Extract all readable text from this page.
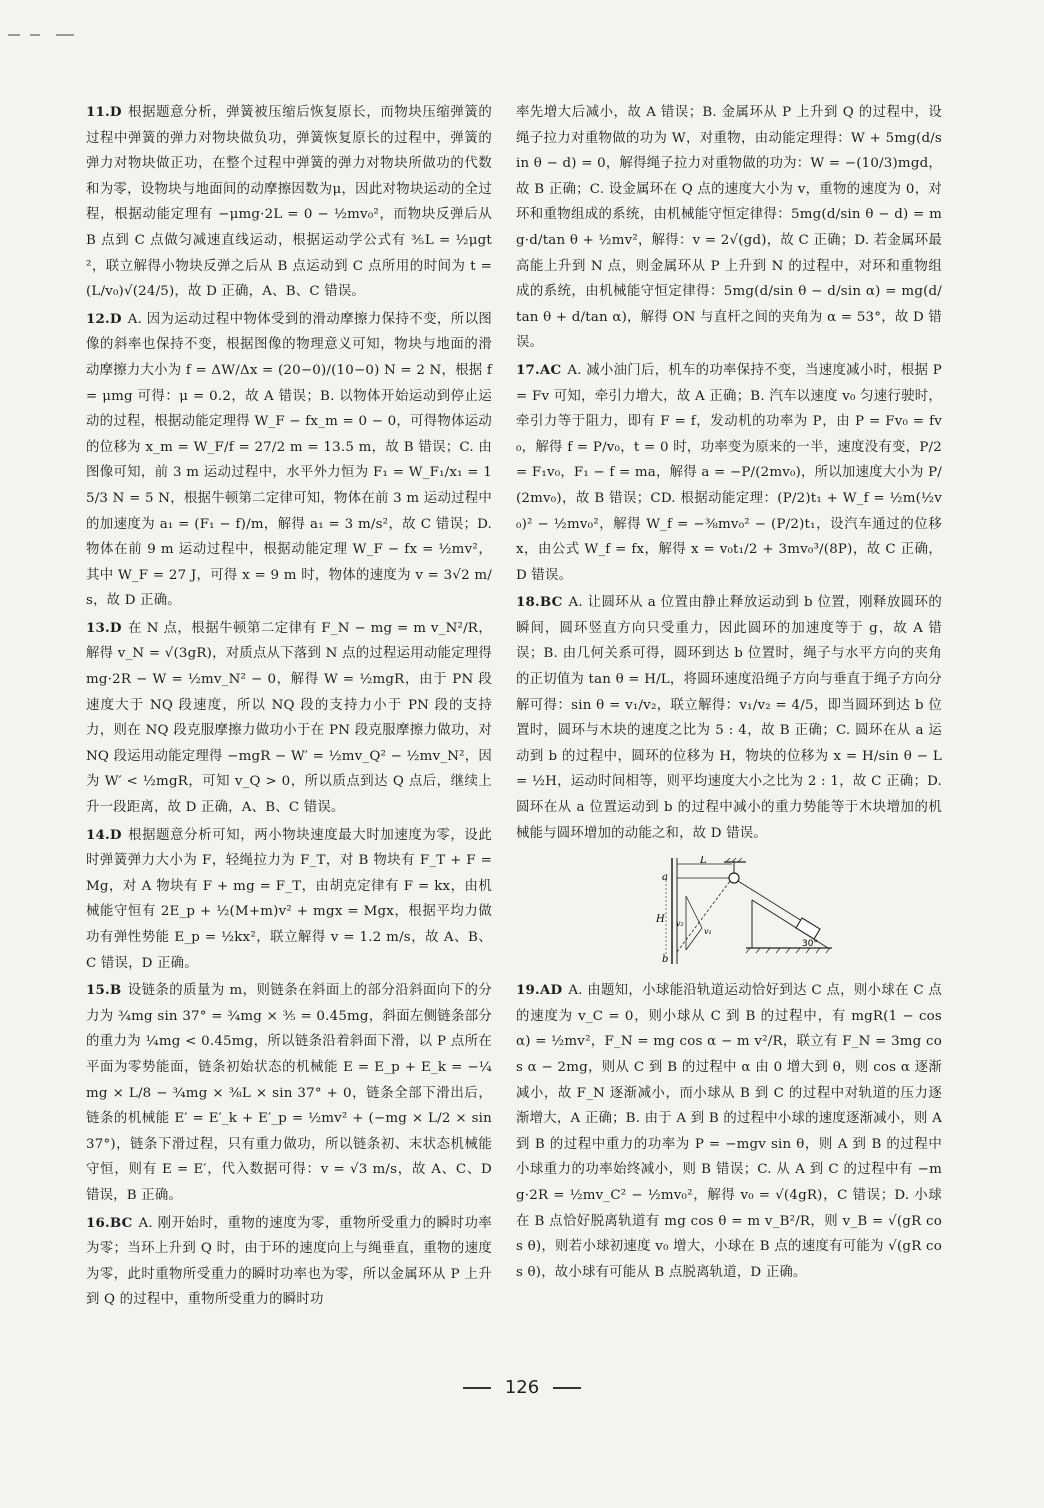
11.D 根据题意分析，弹簧被压缩后恢复原长，而物块压缩弹簧的过程中弹簧的弹力对物块做负功，弹簧恢复原长的过程中，弹簧的弹力对物块做正功，在整个过程中弹簧的弹力对物块所做功的代数和为零，设物块与地面间的动摩擦因数为μ，因此对物块运动的全过程，根据动能定理有 −μmg·2L = 0 − ½mv₀²，而物块反弹后从 B 点到 C 点做匀减速直线运动，根据运动学公式有 ⅗L = ½μgt²，联立解得小物块反弹之后从 B 点运动到 C 点所用的时间为 t = (L/v₀)√(24/5)，故 D 正确，A、B、C 错误。
12.D A. 因为运动过程中物体受到的滑动摩擦力保持不变，所以图像的斜率也保持不变，根据图像的物理意义可知，物块与地面的滑动摩擦力大小为 f = ΔW/Δx = (20−0)/(10−0) N = 2 N，根据 f = μmg 可得：μ = 0.2，故 A 错误；B. 以物体开始运动到停止运动的过程，根据动能定理得 W_F − fx_m = 0 − 0，可得物体运动的位移为 x_m = W_F/f = 27/2 m = 13.5 m，故 B 错误；C. 由图像可知，前 3 m 运动过程中，水平外力恒为 F₁ = W_F₁/x₁ = 15/3 N = 5 N，根据牛顿第二定律可知，物体在前 3 m 运动过程中的加速度为 a₁ = (F₁ − f)/m，解得 a₁ = 3 m/s²，故 C 错误；D. 物体在前 9 m 运动过程中，根据动能定理 W_F − fx = ½mv²，其中 W_F = 27 J，可得 x = 9 m 时，物体的速度为 v = 3√2 m/s，故 D 正确。
13.D 在 N 点，根据牛顿第二定律有 F_N − mg = m v_N²/R，解得 v_N = √(3gR)，对质点从下落到 N 点的过程运用动能定理得 mg·2R − W = ½mv_N² − 0，解得 W = ½mgR，由于 PN 段速度大于 NQ 段速度，所以 NQ 段的支持力小于 PN 段的支持力，则在 NQ 段克服摩擦力做功小于在 PN 段克服摩擦力做功，对 NQ 段运用动能定理得 −mgR − W′ = ½mv_Q² − ½mv_N²，因为 W′ < ½mgR，可知 v_Q > 0，所以质点到达 Q 点后，继续上升一段距离，故 D 正确，A、B、C 错误。
14.D 根据题意分析可知，两小物块速度最大时加速度为零，设此时弹簧弹力大小为 F，轻绳拉力为 F_T，对 B 物块有 F_T + F = Mg，对 A 物块有 F + mg = F_T，由胡克定律有 F = kx，由机械能守恒有 2E_p + ½(M+m)v² + mgx = Mgx，根据平均力做功有弹性势能 E_p = ½kx²，联立解得 v = 1.2 m/s，故 A、B、C 错误，D 正确。
15.B 设链条的质量为 m，则链条在斜面上的部分沿斜面向下的分力为 ¾mg sin 37° = ¾mg × ⅗ = 0.45mg，斜面左侧链条部分的重力为 ¼mg < 0.45mg，所以链条沿着斜面下滑，以 P 点所在平面为零势能面，链条初始状态的机械能 E = E_p + E_k = −¼mg × L/8 − ¾mg × ⅜L × sin 37° + 0，链条全部下滑出后，链条的机械能 E′ = E′_k + E′_p = ½mv² + (−mg × L/2 × sin 37°)，链条下滑过程，只有重力做功，所以链条初、末状态机械能守恒，则有 E = E′，代入数据可得：v = √3 m/s，故 A、C、D 错误，B 正确。
16.BC A. 刚开始时，重物的速度为零，重物所受重力的瞬时功率为零；当环上升到 Q 时，由于环的速度向上与绳垂直，重物的速度为零，此时重物所受重力的瞬时功率也为零，所以金属环从 P 上升到 Q 的过程中，重物所受重力的瞬时功
率先增大后减小，故 A 错误；B. 金属环从 P 上升到 Q 的过程中，设绳子拉力对重物做的功为 W，对重物，由动能定理得：W + 5mg(d/sin θ − d) = 0，解得绳子拉力对重物做的功为：W = −(10/3)mgd，故 B 正确；C. 设金属环在 Q 点的速度大小为 v，重物的速度为 0，对环和重物组成的系统，由机械能守恒定律得：5mg(d/sin θ − d) = mg·d/tan θ + ½mv²，解得：v = 2√(gd)，故 C 正确；D. 若金属环最高能上升到 N 点，则金属环从 P 上升到 N 的过程中，对环和重物组成的系统，由机械能守恒定律得：5mg(d/sin θ − d/sin α) = mg(d/tan θ + d/tan α)，解得 ON 与直杆之间的夹角为 α = 53°，故 D 错误。
17.AC A. 减小油门后，机车的功率保持不变，当速度减小时，根据 P = Fv 可知，牵引力增大，故 A 正确；B. 汽车以速度 v₀ 匀速行驶时，牵引力等于阻力，即有 F = f，发动机的功率为 P，由 P = Fv₀ = fv₀，解得 f = P/v₀，t = 0 时，功率变为原来的一半，速度没有变，P/2 = F₁v₀，F₁ − f = ma，解得 a = −P/(2mv₀)，所以加速度大小为 P/(2mv₀)，故 B 错误；CD. 根据动能定理：(P/2)t₁ + W_f = ½m(½v₀)² − ½mv₀²，解得 W_f = −⅜mv₀² − (P/2)t₁，设汽车通过的位移 x，由公式 W_f = fx，解得 x = v₀t₁/2 + 3mv₀³/(8P)，故 C 正确，D 错误。
18.BC A. 让圆环从 a 位置由静止释放运动到 b 位置，刚释放圆环的瞬间，圆环竖直方向只受重力，因此圆环的加速度等于 g，故 A 错误；B. 由几何关系可得，圆环到达 b 位置时，绳子与水平方向的夹角的正切值为 tan θ = H/L，将圆环速度沿绳子方向与垂直于绳子方向分解可得：sin θ = v₁/v₂，联立解得：v₁/v₂ = 4/5，即当圆环到达 b 位置时，圆环与木块的速度之比为 5 : 4，故 B 正确；C. 圆环在从 a 运动到 b 的过程中，圆环的位移为 H，物块的位移为 x = H/sin θ − L = ½H，运动时间相等，则平均速度大小之比为 2 : 1，故 C 正确；D. 圆环在从 a 位置运动到 b 的过程中减小的重力势能等于木块增加的机械能与圆环增加的动能之和，故 D 错误。
L
a
b
H v₂
v₁
30°
19.AD A. 由题知，小球能沿轨道运动恰好到达 C 点，则小球在 C 点的速度为 v_C = 0，则小球从 C 到 B 的过程中，有 mgR(1 − cos α) = ½mv²，F_N = mg cos α − m v²/R，联立有 F_N = 3mg cos α − 2mg，则从 C 到 B 的过程中 α 由 0 增大到 θ，则 cos α 逐渐减小，故 F_N 逐渐减小，而小球从 B 到 C 的过程中对轨道的压力逐渐增大，A 正确；B. 由于 A 到 B 的过程中小球的速度逐渐减小，则 A 到 B 的过程中重力的功率为 P = −mgv sin θ，则 A 到 B 的过程中小球重力的功率始终减小，则 B 错误；C. 从 A 到 C 的过程中有 −mg·2R = ½mv_C² − ½mv₀²，解得 v₀ = √(4gR)，C 错误；D. 小球在 B 点恰好脱离轨道有 mg cos θ = m v_B²/R，则 v_B = √(gR cos θ)，则若小球初速度 v₀ 增大，小球在 B 点的速度有可能为 √(gR cos θ)，故小球有可能从 B 点脱离轨道，D 正确。
126
